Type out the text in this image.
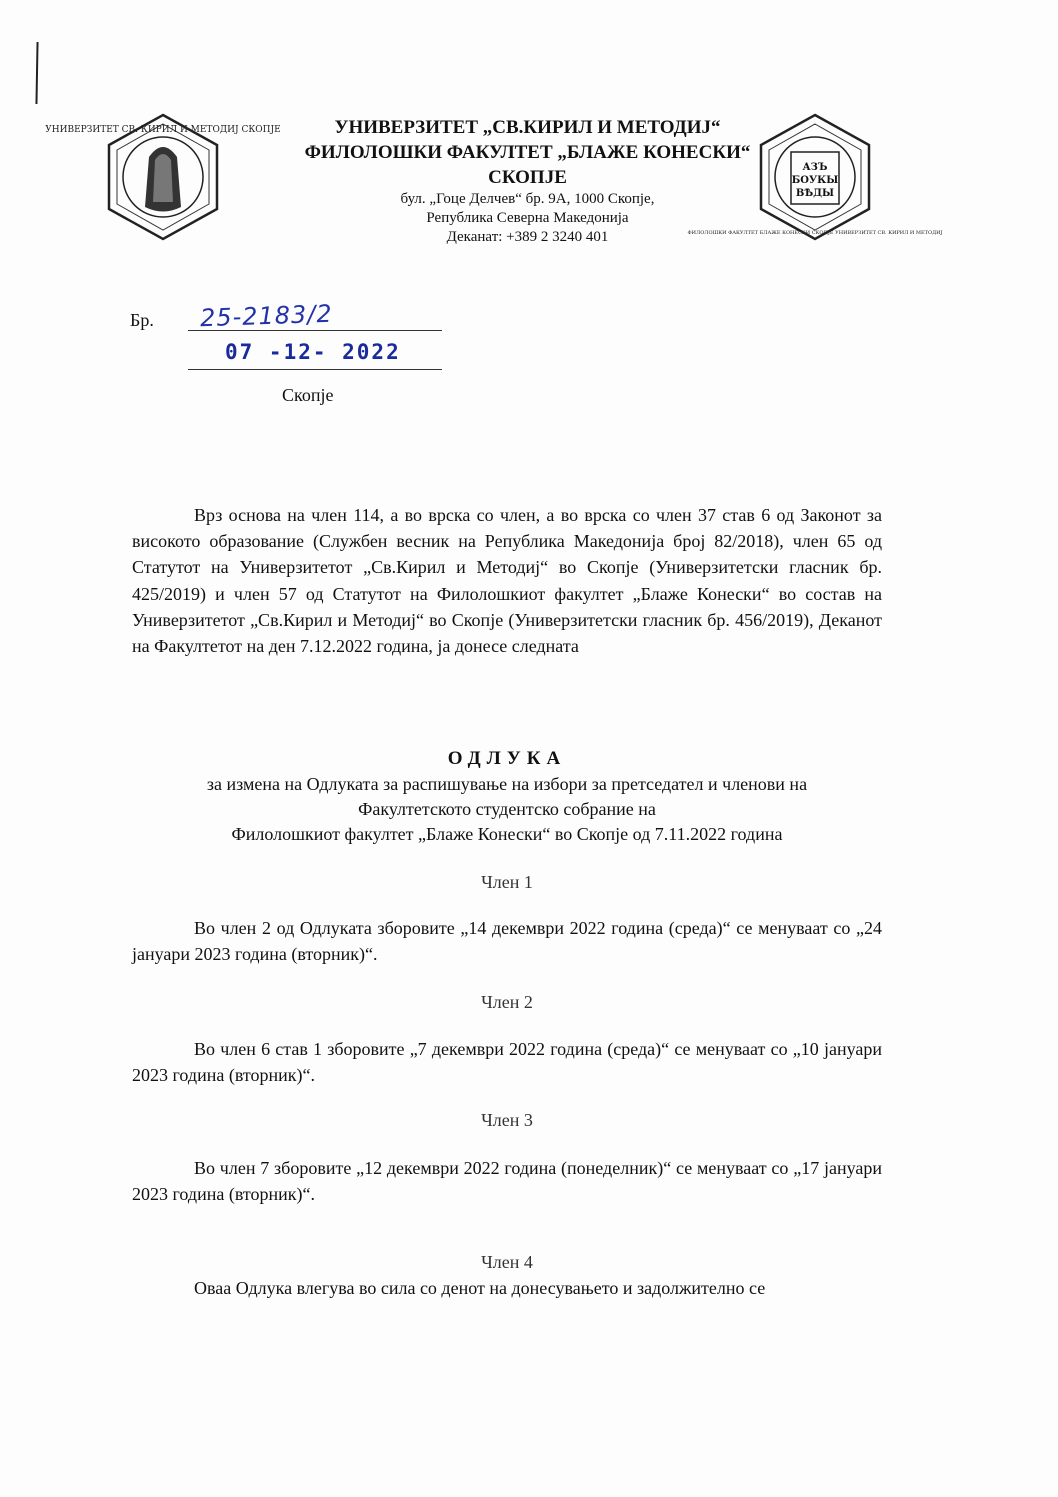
УНИВЕРЗИТЕТ СВ. КИРИЛ И МЕТОДИЈ СКОПЈЕ
АЗЪ
БОУКЫ
ВѢДЫ
ФИЛОЛОШКИ ФАКУЛТЕТ БЛАЖЕ КОНЕСКИ СКОПЈЕ УНИВЕРЗИТЕТ СВ. КИРИЛ И МЕТОДИЈ
УНИВЕРЗИТЕТ „СВ.КИРИЛ И МЕТОДИЈ“
ФИЛОЛОШКИ ФАКУЛТЕТ „БЛАЖЕ КОНЕСКИ“
СКОПЈЕ
бул. „Гоце Делчев“ бр. 9А, 1000 Скопје,
Република Северна Македонија
Деканат: +389 2 3240 401
Бр. 25-2183/2
07 -12- 2022
Скопје
Врз основа на член 114, а во врска со член, а во врска со член 37 став 6 од Законот за високото образование (Службен весник на Република Македонија број 82/2018), член 65 од Статутот на Универзитетот „Св.Кирил и Методиј“ во Скопје (Универзитетски гласник бр. 425/2019) и член 57 од Статутот на Филолошкиот факултет „Блаже Конески“ во состав на Универзитетот „Св.Кирил и Методиј“ во Скопје (Универзитетски гласник бр. 456/2019), Деканот на Факултетот на ден 7.12.2022 година, ја донесе следната
ОДЛУКА
за измена на Одлуката за распишување на избори за претседател и членови на
Факултетското студентско собрание на
Филолошкиот факултет „Блаже Конески“ во Скопје од 7.11.2022 година
Член 1
Во член 2 од Одлуката зборовите „14 декември 2022 година (среда)“ се менуваат со „24 јануари 2023 година (вторник)“.
Член 2
Во член 6 став 1 зборовите „7 декември 2022 година (среда)“ се менуваат со „10 јануари 2023 година (вторник)“.
Член 3
Во член 7 зборовите „12 декември 2022 година (понеделник)“ се менуваат со „17 јануари 2023 година (вторник)“.
Член 4
Оваа Одлука влегува во сила со денот на донесувањето и задолжително се
